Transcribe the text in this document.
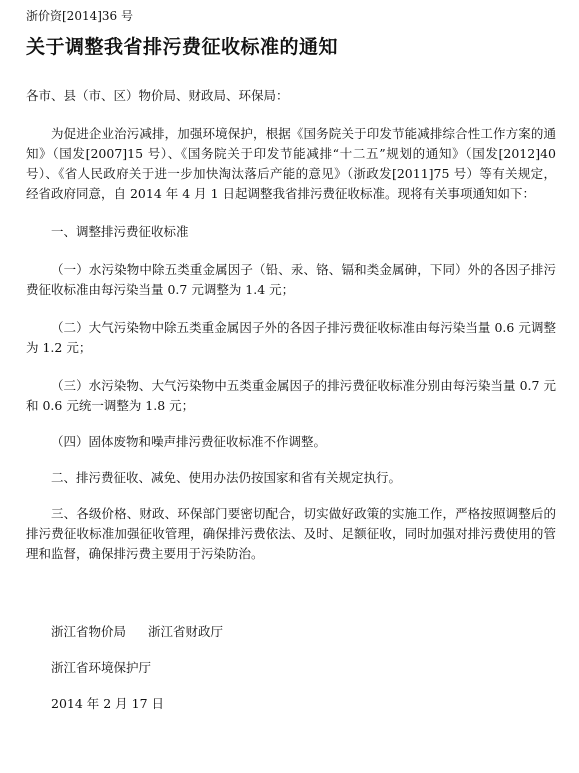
浙价资[2014]36 号
关于调整我省排污费征收标准的通知
各市、县（市、区）物价局、财政局、环保局：

为促进企业治污减排，加强环境保护，根据《国务院关于印发节能减排综合性工作方案的通知》（国发[2007]15 号）、《国务院关于印发节能减排“十二五”规划的通知》（国发[2012]40 号）、《省人民政府关于进一步加快淘汰落后产能的意见》（浙政发[2011]75 号）等有关规定，经省政府同意，自 2014 年 4 月 1 日起调整我省排污费征收标准。现将有关事项通知如下：

一、调整排污费征收标准

（一）水污染物中除五类重金属因子（铅、汞、铬、镉和类金属砷，下同）外的各因子排污费征收标准由每污染当量 0.7 元调整为 1.4 元；

（二）大气污染物中除五类重金属因子外的各因子排污费征收标准由每污染当量 0.6 元调整为 1.2 元；

（三）水污染物、大气污染物中五类重金属因子的排污费征收标准分别由每污染当量 0.7 元和 0.6 元统一调整为 1.8 元；

（四）固体废物和噪声排污费征收标准不作调整。

二、排污费征收、减免、使用办法仍按国家和省有关规定执行。

三、各级价格、财政、环保部门要密切配合，切实做好政策的实施工作，严格按照调整后的排污费征收标准加强征收管理，确保排污费依法、及时、足额征收，同时加强对排污费使用的管理和监督，确保排污费主要用于污染防治。

浙江省物价局 浙江省财政厅
浙江省环境保护厅
2014 年 2 月 17 日
